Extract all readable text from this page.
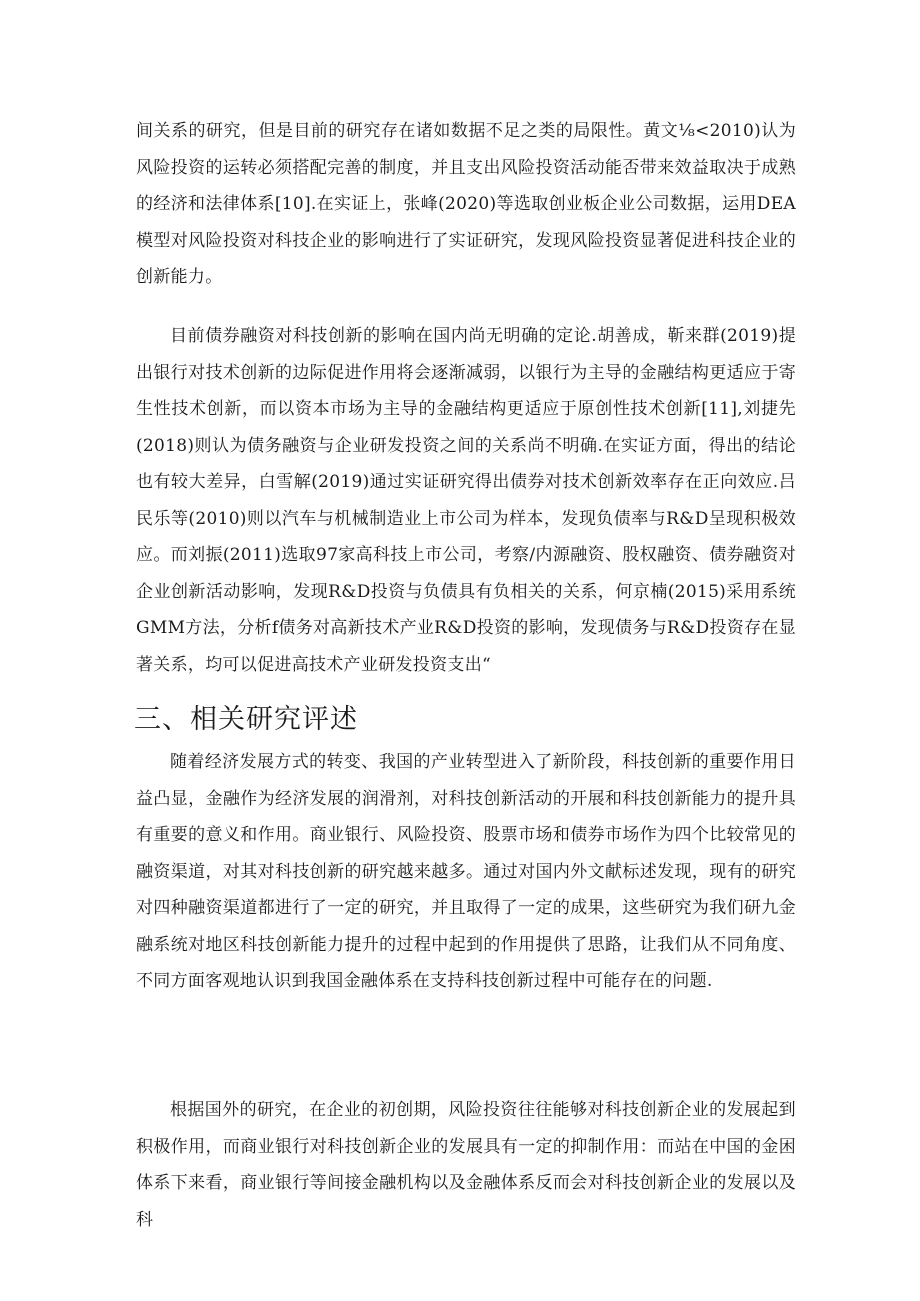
间关系的研究，但是目前的研究存在诸如数据不足之类的局限性。黄文⅛<2010)认为风险投资的运转必须搭配完善的制度，并且支出风险投资活动能否带来效益取决于成熟的经济和法律体系[10].在实证上，张峰(2020)等选取创业板企业公司数据，运用DEA模型对风险投资对科技企业的影响进行了实证研究，发现风险投资显著促进科技企业的创新能力。

目前债券融资对科技创新的影响在国内尚无明确的定论.胡善成，靳来群(2019)提出银行对技术创新的边际促进作用将会逐渐减弱，以银行为主导的金融结构更适应于寄生性技术创新，而以资本市场为主导的金融结构更适应于原创性技术创新[11],刘捷先(2018)则认为债务融资与企业研发投资之间的关系尚不明确.在实证方面，得出的结论也有较大差异，白雪解(2019)通过实证研究得出债券对技术创新效率存在正向效应.吕民乐等(2010)则以汽车与机械制造业上市公司为样本，发现负债率与R&D呈现积极效应。而刘振(2011)选取97家高科技上市公司，考察/内源融资、股权融资、债券融资对企业创新活动影响，发现R&D投资与负债具有负相关的关系，何京楠(2015)采用系统GMM方法，分析f债务对高新技术产业R&D投资的影响，发现债务与R&D投资存在显著关系，均可以促进高技术产业研发投资支出“

三、相关研究评述

随着经济发展方式的转变、我国的产业转型进入了新阶段，科技创新的重要作用日益凸显，金融作为经济发展的润滑剂，对科技创新活动的开展和科技创新能力的提升具有重要的意义和作用。商业银行、风险投资、股票市场和债券市场作为四个比较常见的融资渠道，对其对科技创新的研究越来越多。通过对国内外文献标述发现，现有的研究对四种融资渠道都进行了一定的研究，并且取得了一定的成果，这些研究为我们研九金融系统对地区科技创新能力提升的过程中起到的作用提供了思路，让我们从不同角度、不同方面客观地认识到我国金融体系在支持科技创新过程中可能存在的问题.

根据国外的研究，在企业的初创期，风险投资往往能够对科技创新企业的发展起到积极作用，而商业银行对科技创新企业的发展具有一定的抑制作用：而站在中国的金困体系下来看，商业银行等间接金融机构以及金融体系反而会对科技创新企业的发展以及科
